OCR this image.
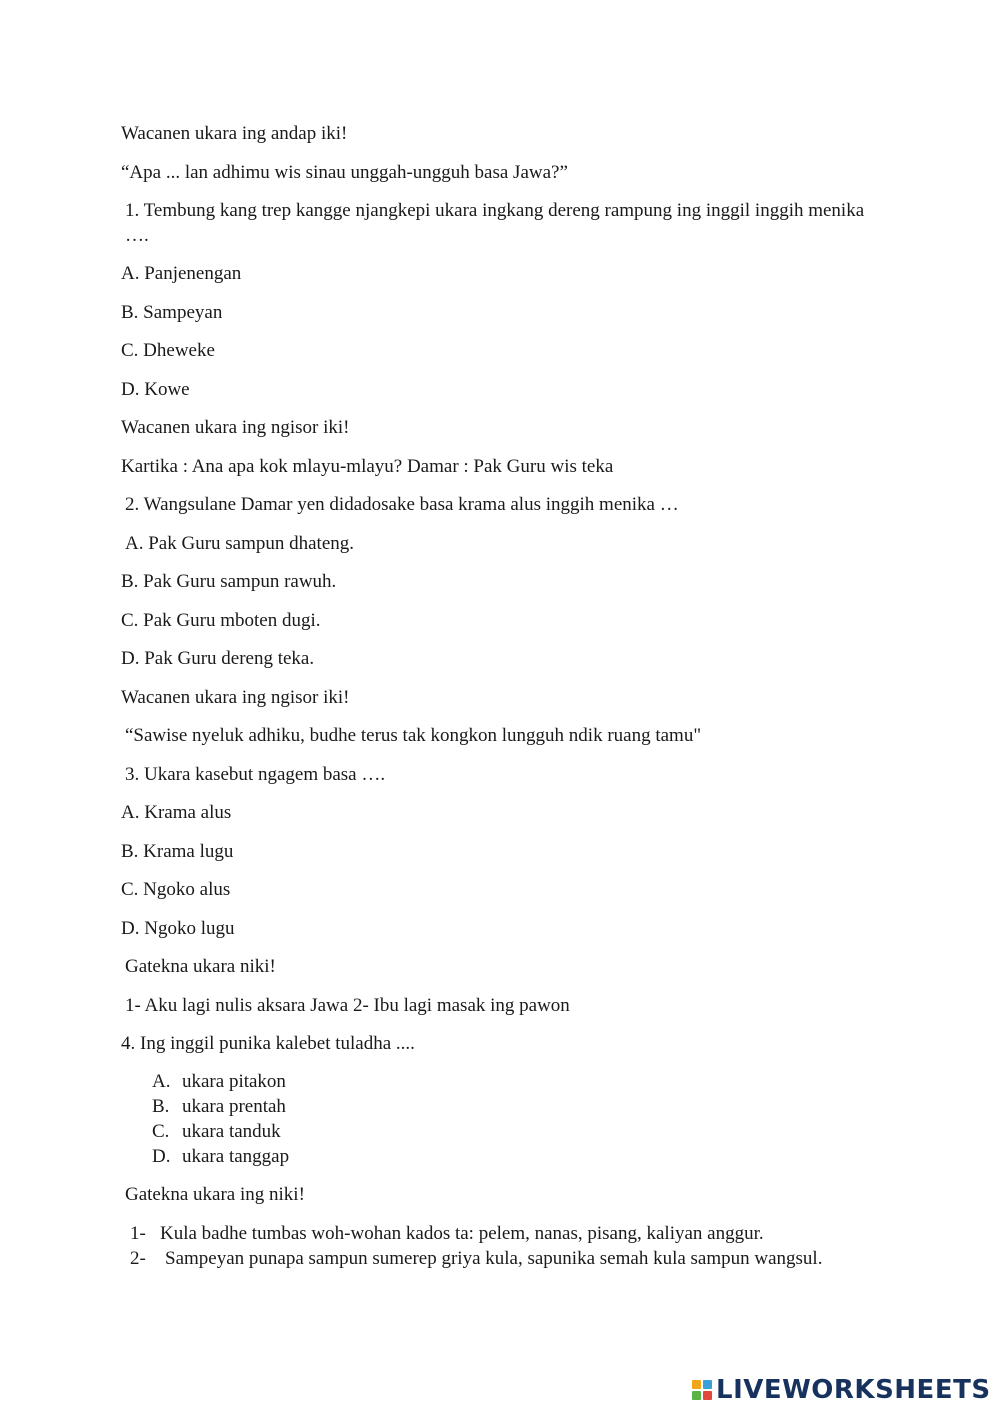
Wacanen ukara ing andap iki!
“Apa ... lan adhimu wis sinau unggah-ungguh basa Jawa?”
1. Tembung kang trep kangge njangkepi ukara ingkang dereng rampung ing inggil inggih menika ….
A. Panjenengan
B. Sampeyan
C. Dheweke
D. Kowe
Wacanen ukara ing ngisor iki!
Kartika : Ana apa kok mlayu-mlayu? Damar : Pak Guru wis teka
2. Wangsulane Damar yen didadosake basa krama alus inggih menika …
A. Pak Guru sampun dhateng.
B. Pak Guru sampun rawuh.
C. Pak Guru mboten dugi.
D. Pak Guru dereng teka.
Wacanen ukara ing ngisor iki!
“Sawise nyeluk adhiku, budhe terus tak kongkon lungguh ndik ruang tamu"
3. Ukara kasebut ngagem basa ….
A. Krama alus
B. Krama lugu
C. Ngoko alus
D. Ngoko lugu
Gatekna ukara niki!
1- Aku lagi nulis aksara Jawa 2- Ibu lagi masak ing pawon
4. Ing inggil punika kalebet tuladha ....
A. ukara pitakon
B. ukara prentah
C. ukara tanduk
D. ukara tanggap
Gatekna ukara ing niki!
1- Kula badhe tumbas woh-wohan kados ta: pelem, nanas, pisang, kaliyan anggur.
2- Sampeyan punapa sampun sumerep griya kula, sapunika semah kula sampun wangsul.
LIVEWORKSHEETS
